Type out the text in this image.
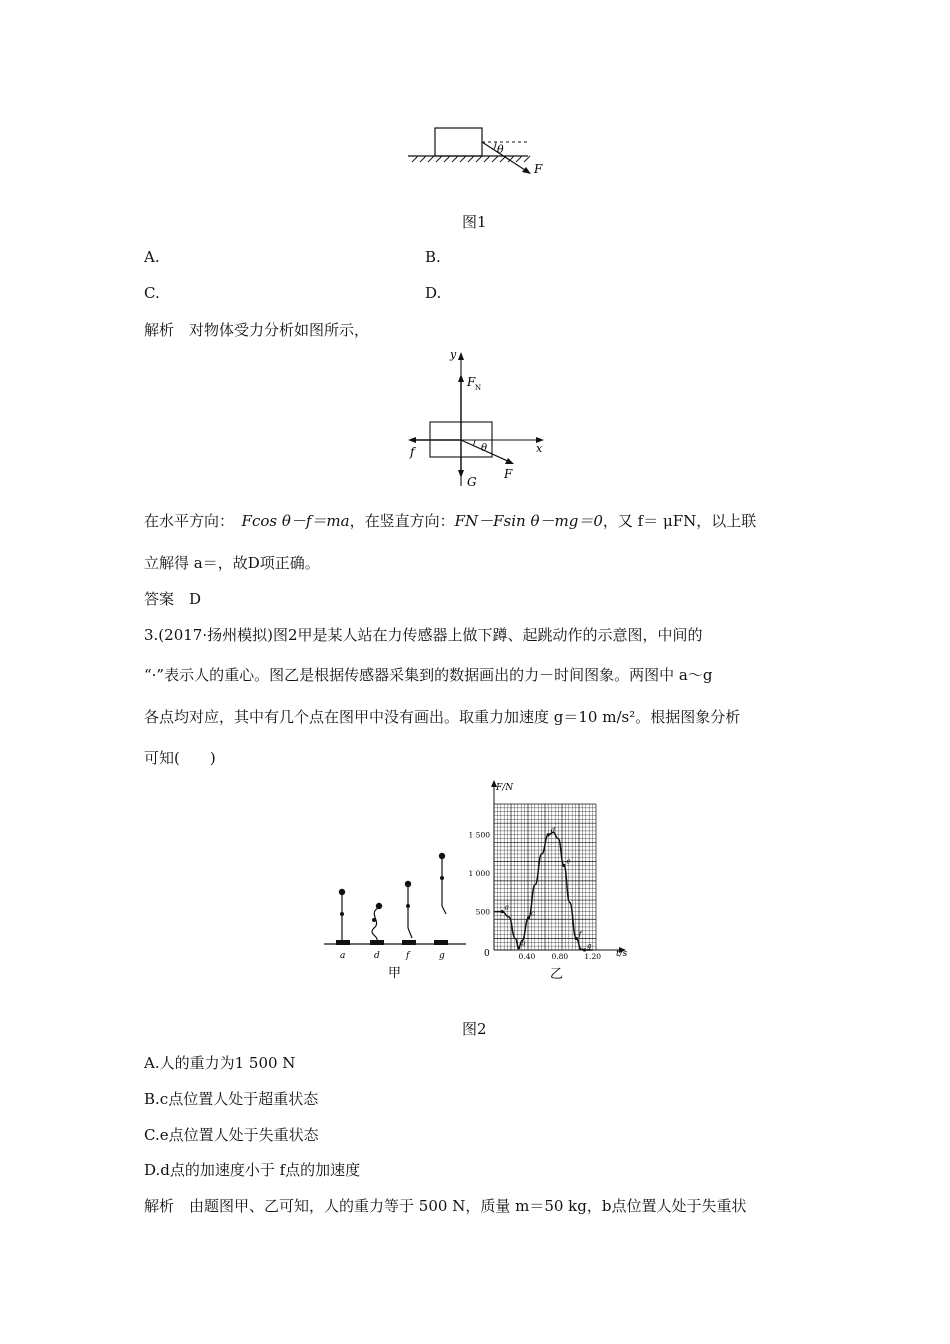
θ
F
图1
A.	B.
C.	D.
解析　 对物体受力分析如图所示，
y
x
F N
f
G
F
θ
在水平方向：　 Fcos θ－f＝ma，在竖直方向：FN－Fsin θ－mg＝0，又 f＝ μFN，以上联
立解得 a＝，故D项正确。
答案　 D
3.(2017·扬州模拟)图2甲是某人站在力传感器上做下蹲、起跳动作的示意图，中间的
“·”表示人的重心。图乙是根据传感器采集到的数据画出的力－时间图象。两图中 a～g
各点均对应，其中有几个点在图甲中没有画出。取重力加速度 g＝10 m/s²。根据图象分析
可知(　　)
a	d	f	g
甲
500
1 000
1 500
0.40 0.80 1.20
a
b
c
d
e
f
g
F/N
t/s
0
乙
图2
A.人的重力为1 500 N
B.c点位置人处于超重状态
C.e点位置人处于失重状态
D.d点的加速度小于 f点的加速度
解析　 由题图甲、乙可知，人的重力等于 500 N，质量 m＝50 kg，b点位置人处于失重状
